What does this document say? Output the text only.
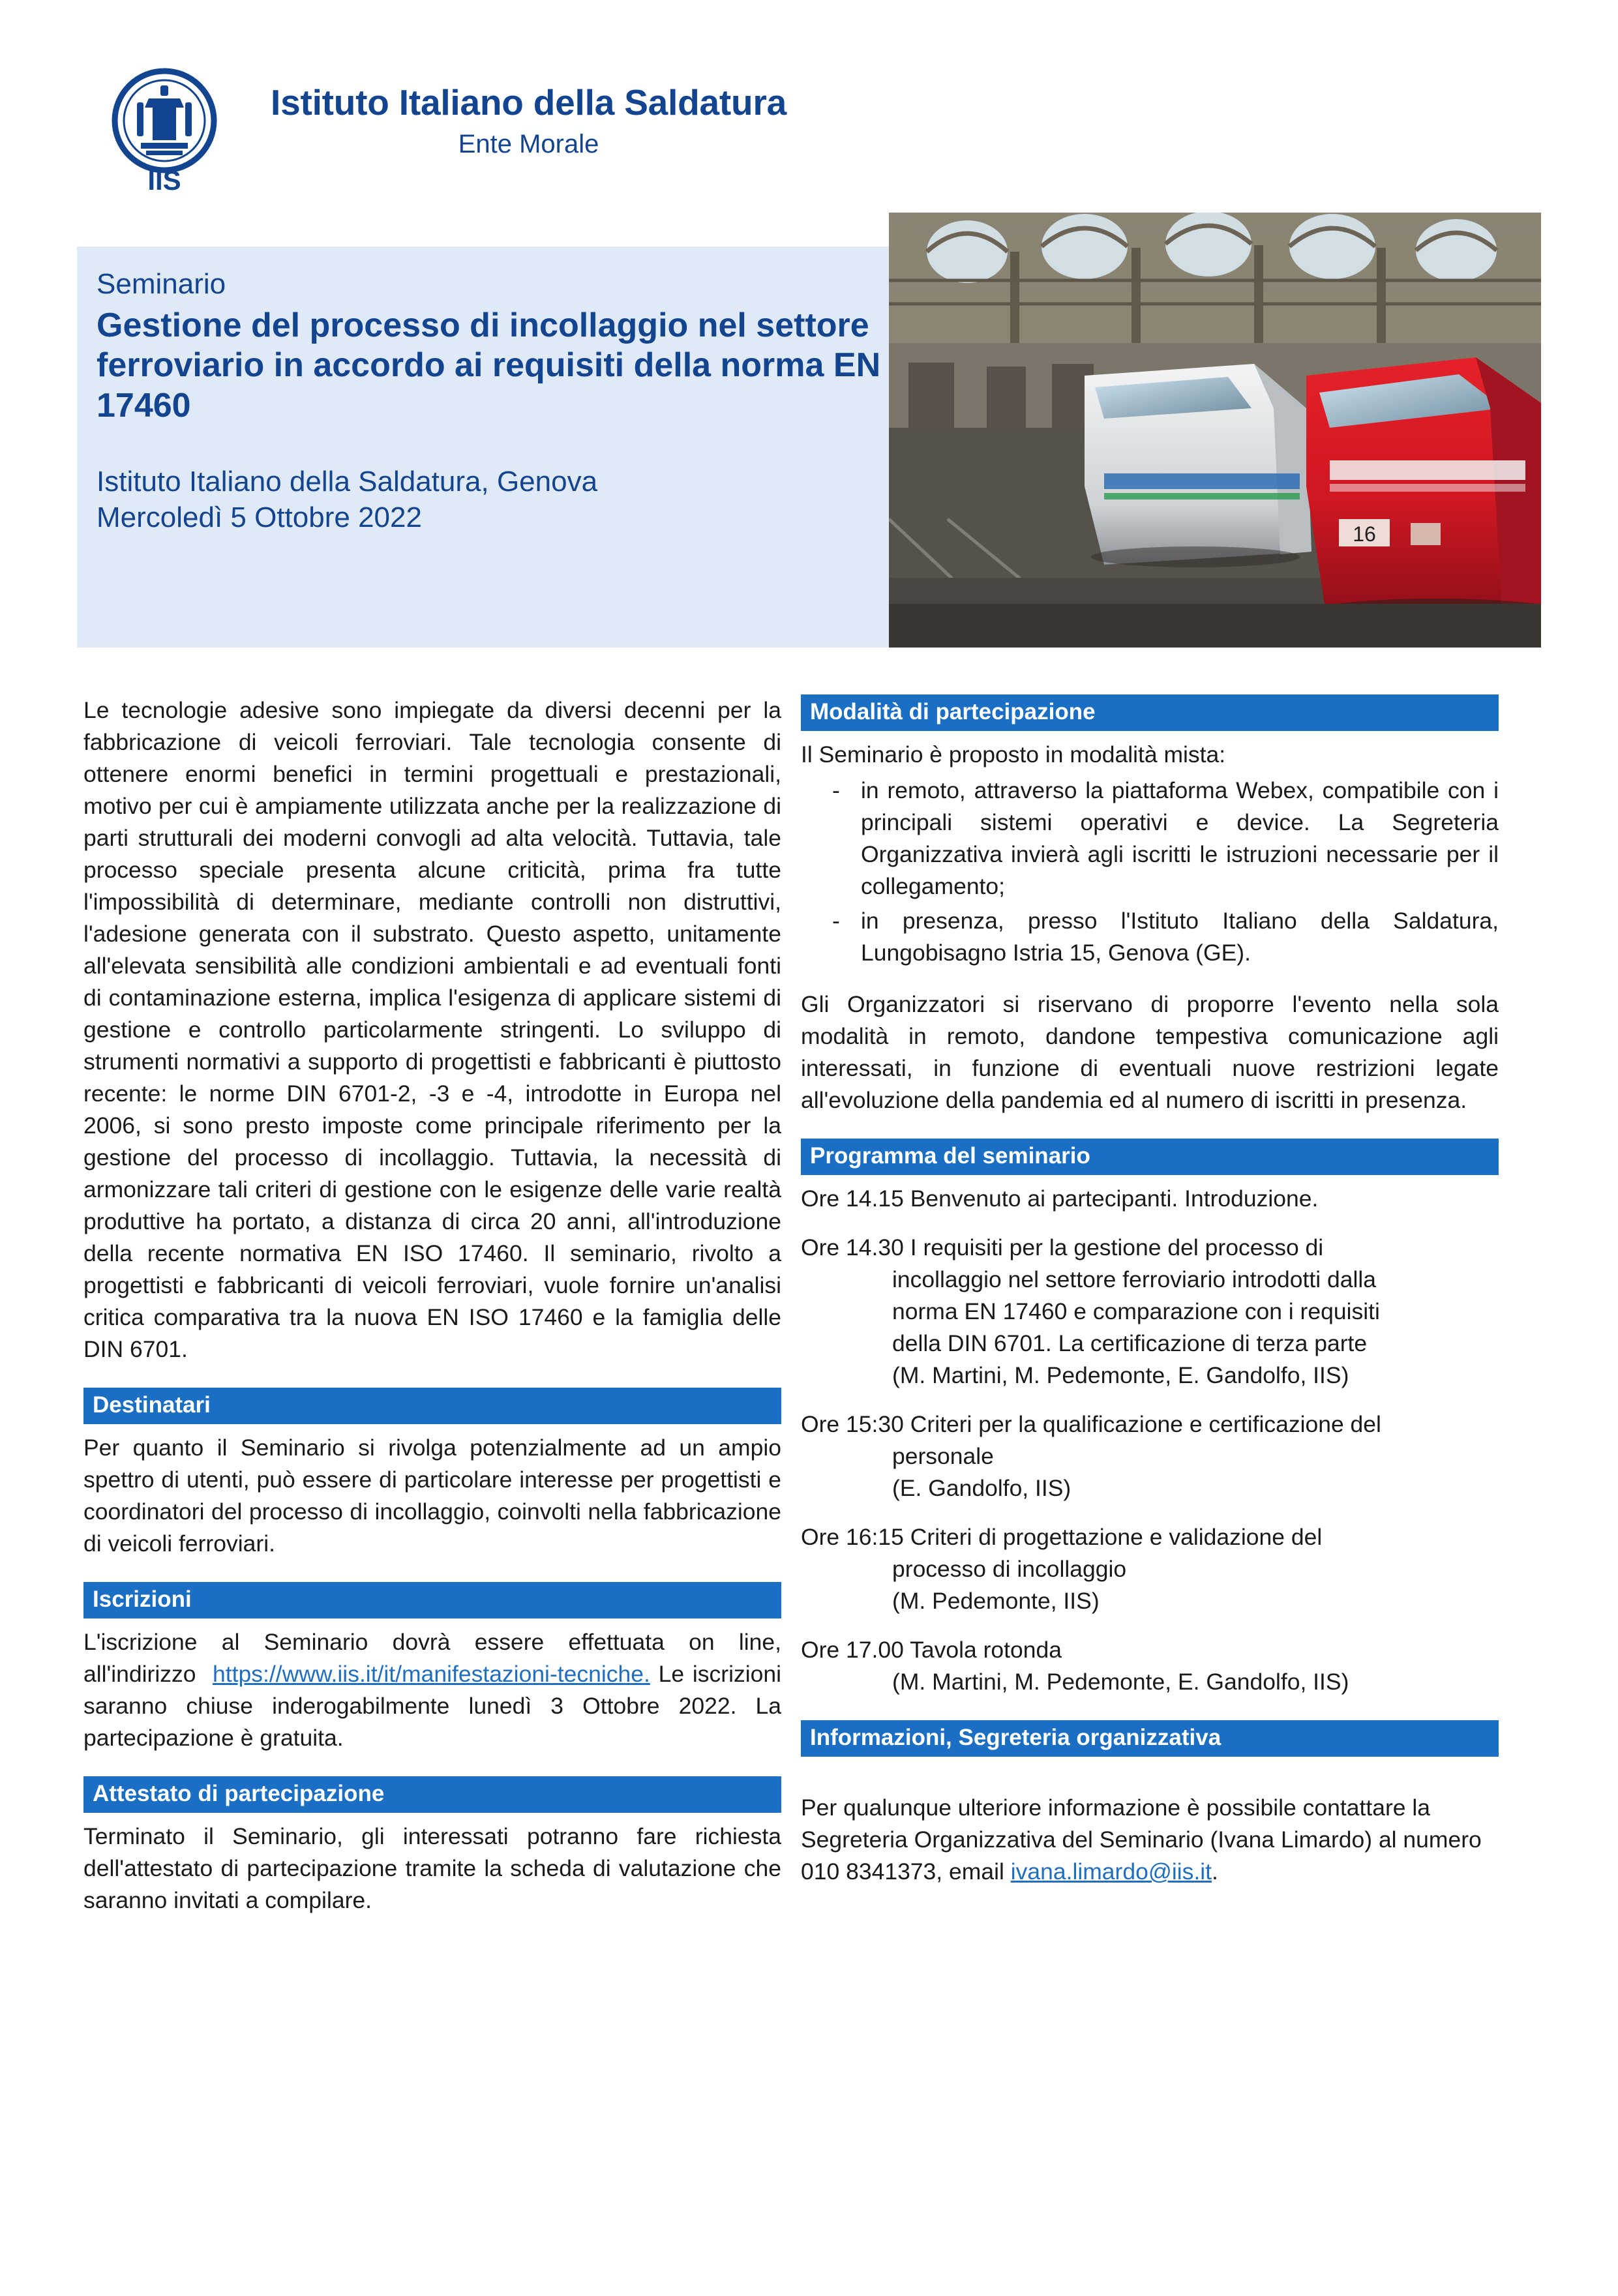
IIS
Istituto Italiano della Saldatura
Ente Morale
Seminario
Gestione del processo di incollaggio nel settore ferroviario in accordo ai requisiti della norma EN 17460
Istituto Italiano della Saldatura, Genova
Mercoledì 5 Ottobre 2022
16

Le tecnologie adesive sono impiegate da diversi decenni per la fabbricazione di veicoli ferroviari. Tale tecnologia consente di ottenere enormi benefici in termini progettuali e prestazionali, motivo per cui è ampiamente utilizzata anche per la realizzazione di parti strutturali dei moderni convogli ad alta velocità. Tuttavia, tale processo speciale presenta alcune criticità, prima fra tutte l'impossibilità di determinare, mediante controlli non distruttivi, l'adesione generata con il substrato. Questo aspetto, unitamente all'elevata sensibilità alle condizioni ambientali e ad eventuali fonti di contaminazione esterna, implica l'esigenza di applicare sistemi di gestione e controllo particolarmente stringenti. Lo sviluppo di strumenti normativi a supporto di progettisti e fabbricanti è piuttosto recente: le norme DIN 6701-2, -3 e -4, introdotte in Europa nel 2006, si sono presto imposte come principale riferimento per la gestione del processo di incollaggio. Tuttavia, la necessità di armonizzare tali criteri di gestione con le esigenze delle varie realtà produttive ha portato, a distanza di circa 20 anni, all'introduzione della recente normativa EN ISO 17460. Il seminario, rivolto a progettisti e fabbricanti di veicoli ferroviari, vuole fornire un'analisi critica comparativa tra la nuova EN ISO 17460 e la famiglia delle DIN 6701.

Destinatari

Per quanto il Seminario si rivolga potenzialmente ad un ampio spettro di utenti, può essere di particolare interesse per progettisti e coordinatori del processo di incollaggio, coinvolti nella fabbricazione di veicoli ferroviari.

Iscrizioni

L'iscrizione al Seminario dovrà essere effettuata on line, all'indirizzo https://www.iis.it/it/manifestazioni-tecniche. Le iscrizioni saranno chiuse inderogabilmente lunedì 3 Ottobre 2022. La partecipazione è gratuita.

Attestato di partecipazione

Terminato il Seminario, gli interessati potranno fare richiesta dell'attestato di partecipazione tramite la scheda di valutazione che saranno invitati a compilare.

Modalità di partecipazione

Il Seminario è proposto in modalità mista:

- in remoto, attraverso la piattaforma Webex, compatibile con i principali sistemi operativi e device. La Segreteria Organizzativa invierà agli iscritti le istruzioni necessarie per il collegamento;
- in presenza, presso l'Istituto Italiano della Saldatura, Lungobisagno Istria 15, Genova (GE).

Gli Organizzatori si riservano di proporre l'evento nella sola modalità in remoto, dandone tempestiva comunicazione agli interessati, in funzione di eventuali nuove restrizioni legate all'evoluzione della pandemia ed al numero di iscritti in presenza.

Programma del seminario
Ore 14.15 Benvenuto ai partecipanti. Introduzione.
Ore 14.30 I requisiti per la gestione del processo di
incollaggio nel settore ferroviario introdotti dalla
norma EN 17460 e comparazione con i requisiti
della DIN 6701. La certificazione di terza parte
(M. Martini, M. Pedemonte, E. Gandolfo, IIS)
Ore 15:30 Criteri per la qualificazione e certificazione del
personale
(E. Gandolfo, IIS)
Ore 16:15 Criteri di progettazione e validazione del
processo di incollaggio
(M. Pedemonte, IIS)
Ore 17.00 Tavola rotonda
(M. Martini, M. Pedemonte, E. Gandolfo, IIS)
Informazioni, Segreteria organizzativa

Per qualunque ulteriore informazione è possibile contattare la Segreteria Organizzativa del Seminario (Ivana Limardo) al numero 010 8341373, email ivana.limardo@iis.it.
